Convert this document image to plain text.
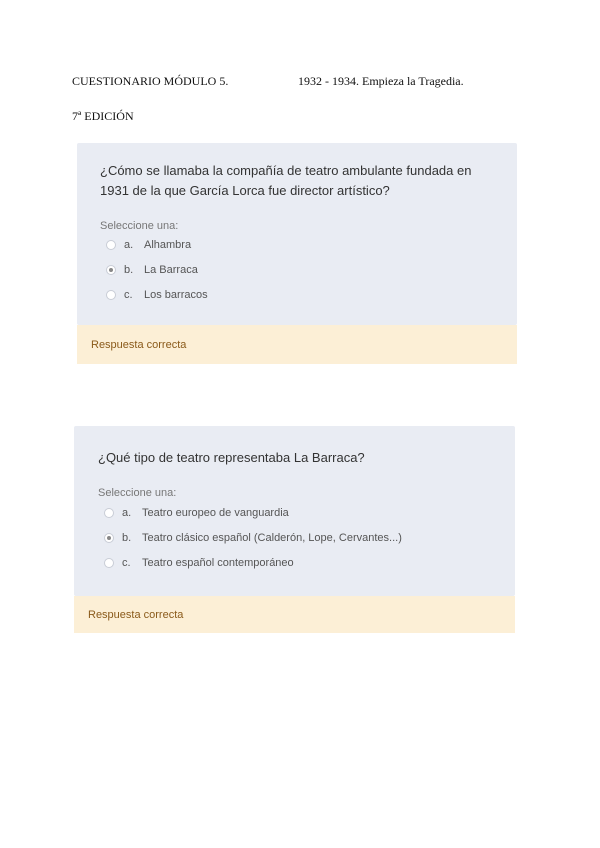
CUESTIONARIO MÓDULO 5.	1932 - 1934. Empieza la Tragedia.
7ª EDICIÓN
¿Cómo se llamaba la compañía de teatro ambulante fundada en
1931 de la que García Lorca fue director artístico?
Seleccione una:
a. Alhambra
b. La Barraca
c.	Los barracos
Respuesta correcta
¿Qué tipo de teatro representaba La Barraca?
Seleccione una:
a. Teatro europeo de vanguardia
b. Teatro clásico español (Calderón, Lope, Cervantes...)
c.	Teatro español contemporáneo
Respuesta correcta
